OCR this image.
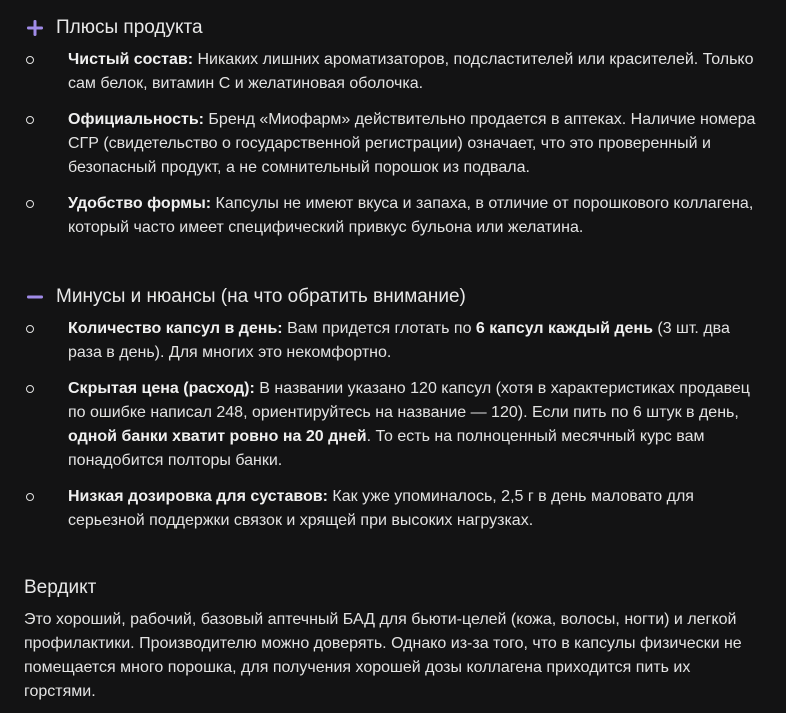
Плюсы продукта
Чистый состав: Никаких лишних ароматизаторов, подсластителей или красителей. Только сам белок, витамин С и желатиновая оболочка.
Официальность: Бренд «Миофарм» действительно продается в аптеках. Наличие номера СГР (свидетельство о государственной регистрации) означает, что это проверенный и безопасный продукт, а не сомнительный порошок из подвала.
Удобство формы: Капсулы не имеют вкуса и запаха, в отличие от порошкового коллагена, который часто имеет специфический привкус бульона или желатина.
Минусы и нюансы (на что обратить внимание)
Количество капсул в день: Вам придется глотать по 6 капсул каждый день (3 шт. два раза в день). Для многих это некомфортно.
Скрытая цена (расход): В названии указано 120 капсул (хотя в характеристиках продавец по ошибке написал 248, ориентируйтесь на название — 120). Если пить по 6 штук в день, одной банки хватит ровно на 20 дней. То есть на полноценный месячный курс вам понадобится полторы банки.
Низкая дозировка для суставов: Как уже упоминалось, 2,5 г в день маловато для серьезной поддержки связок и хрящей при высоких нагрузках.
Вердикт

Это хороший, рабочий, базовый аптечный БАД для бьюти-целей (кожа, волосы, ногти) и легкой профилактики. Производителю можно доверять. Однако из-за того, что в капсулы физически не помещается много порошка, для получения хорошей дозы коллагена приходится пить их горстями.
